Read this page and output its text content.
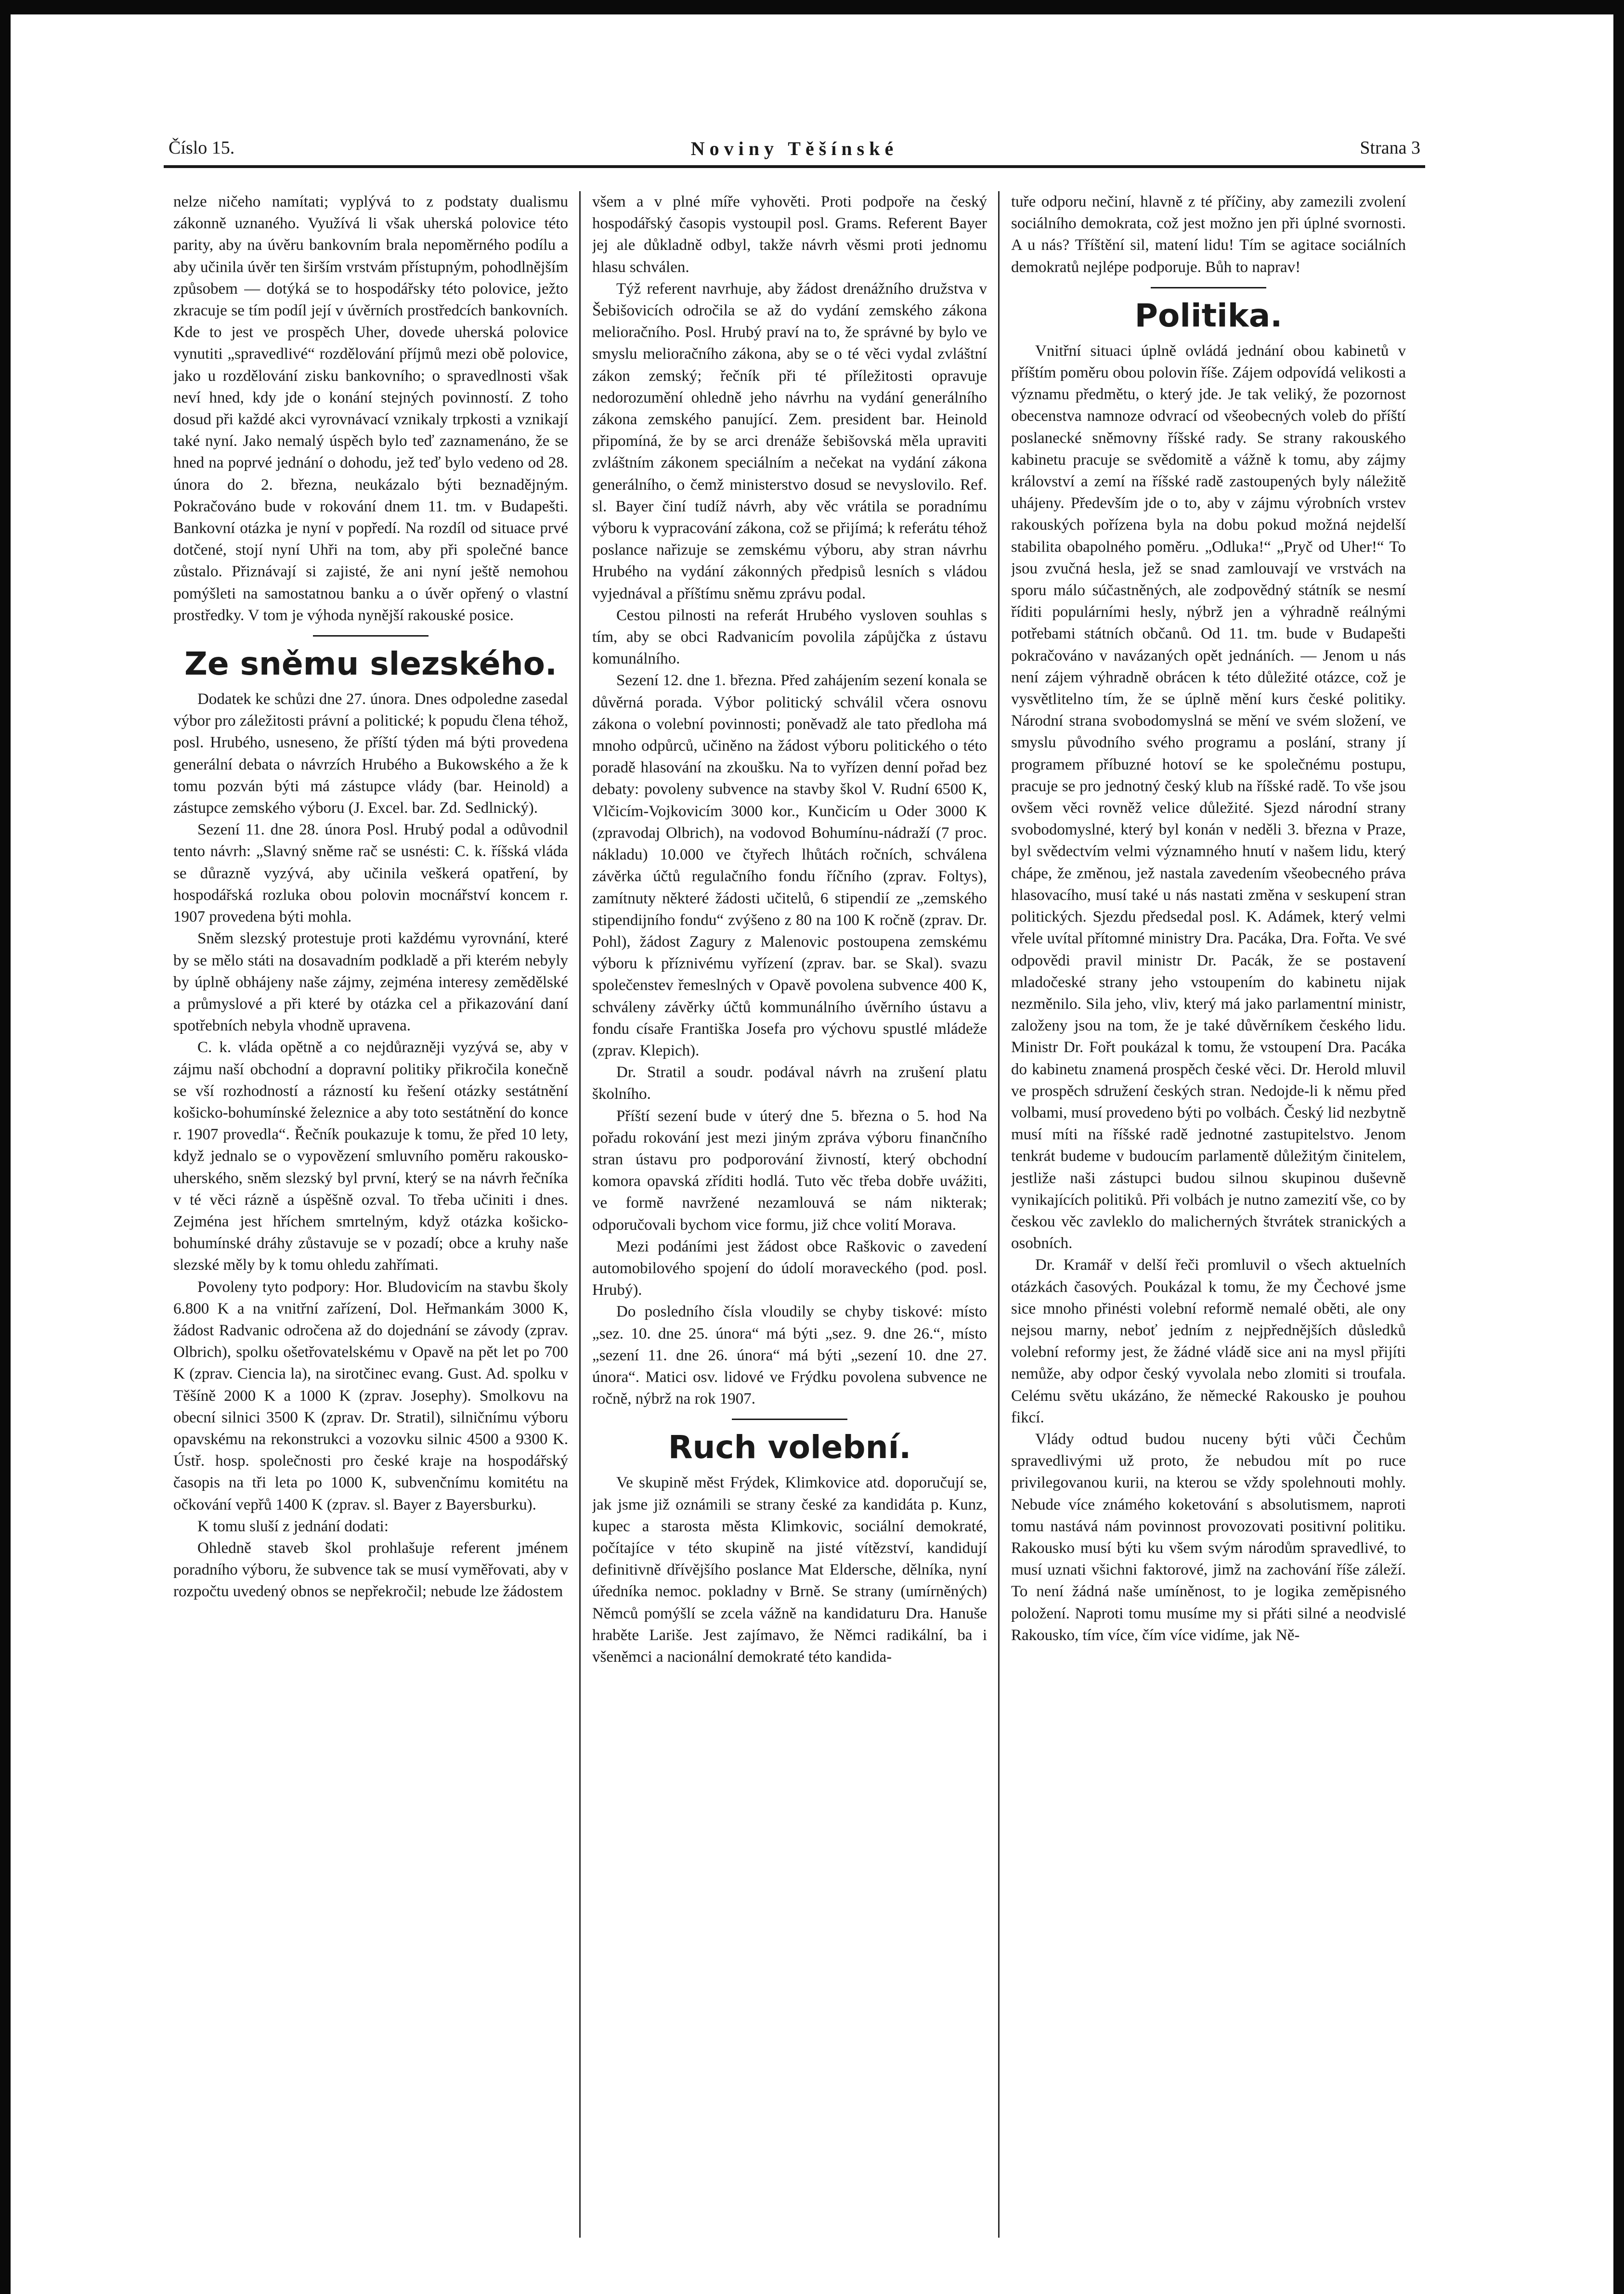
Číslo 15.	Noviny Těšínské	Strana 3

nelze ničeho namítati; vyplývá to z podstaty dualismu zákonně uznaného. Využívá li však uherská polovice této parity, aby na úvěru bankovním brala nepoměrného podílu a aby učinila úvěr ten širším vrstvám přístupným, pohodlnějším způsobem — dotýká se to hospodářsky této polovice, ježto zkracuje se tím podíl její v úvěrních prostředcích bankovních. Kde to jest ve prospěch Uher, dovede uherská polovice vynutiti „spravedlivé“ rozdělování příjmů mezi obě polovice, jako u rozdělování zisku bankovního; o spravedlnosti však neví hned, kdy jde o konání stejných povinností. Z toho dosud při každé akci vyrovnávací vznikaly trpkosti a vznikají také nyní. Jako nemalý úspěch bylo teď zaznamenáno, že se hned na poprvé jednání o dohodu, jež teď bylo vedeno od 28. února do 2. března, neukázalo býti beznadějným. Pokračováno bude v rokování dnem 11. tm. v Budapešti. Bankovní otázka je nyní v popředí. Na rozdíl od situace prvé dotčené, stojí nyní Uhři na tom, aby při společné bance zůstalo. Přiznávají si zajisté, že ani nyní ještě nemohou pomýšleti na samostatnou banku a o úvěr opřený o vlastní prostředky. V tom je výhoda nynější rakouské posice.

Ze sněmu slezského.

Dodatek ke schůzi dne 27. února. Dnes odpoledne zasedal výbor pro záležitosti právní a politické; k popudu člena téhož, posl. Hrubého, usneseno, že příští týden má býti provedena generální debata o návrzích Hrubého a Bukowského a že k tomu pozván býti má zástupce vlády (bar. Heinold) a zástupce zemského výboru (J. Excel. bar. Zd. Sedlnický).

Sezení 11. dne 28. února Posl. Hrubý podal a odůvodnil tento návrh: „Slavný sněme rač se usnésti: C. k. říšská vláda se důrazně vyzývá, aby učinila veškerá opatření, by hospodářská rozluka obou polovin mocnářství koncem r. 1907 provedena býti mohla.

Sněm slezský protestuje proti každému vyrovnání, které by se mělo státi na dosavadním podkladě a při kterém nebyly by úplně obhájeny naše zájmy, zejména interesy zemědělské a průmyslové a při které by otázka cel a přikazování daní spotřebních nebyla vhodně upravena.

C. k. vláda opětně a co nejdůrazněji vyzývá se, aby v zájmu naší obchodní a dopravní politiky přikročila konečně se vší rozhodností a rázností ku řešení otázky sestátnění košicko-bohumínské železnice a aby toto sestátnění do konce r. 1907 provedla“. Řečník poukazuje k tomu, že před 10 lety, když jednalo se o vypovězení smluvního poměru rakousko-uherského, sněm slezský byl první, který se na návrh řečníka v té věci rázně a úspěšně ozval. To třeba učiniti i dnes. Zejména jest hříchem smrtelným, když otázka košicko-bohumínské dráhy zůstavuje se v pozadí; obce a kruhy naše slezské měly by k tomu ohledu zahřímati.

Povoleny tyto podpory: Hor. Bludovicím na stavbu školy 6.800 K a na vnitřní zařízení, Dol. Heřmankám 3000 K, žádost Radvanic odročena až do dojednání se závody (zprav. Olbrich), spolku ošetřovatelskému v Opavě na pět let po 700 K (zprav. Ciencia la), na sirotčinec evang. Gust. Ad. spolku v Těšíně 2000 K a 1000 K (zprav. Josephy). Smolkovu na obecní silnici 3500 K (zprav. Dr. Stratil), silničnímu výboru opavskému na rekonstrukci a vozovku silnic 4500 a 9300 K. Ústř. hosp. společnosti pro české kraje na hospodářský časopis na tři leta po 1000 K, subvenčnímu komitétu na očkování vepřů 1400 K (zprav. sl. Bayer z Bayersburku).

K tomu sluší z jednání dodati:

Ohledně staveb škol prohlašuje referent jménem poradního výboru, že subvence tak se musí vyměřovati, aby v rozpočtu uvedený obnos se nepřekročil; nebude lze žádostem

všem a v plné míře vyhověti. Proti podpoře na český hospodářský časopis vystoupil posl. Grams. Referent Bayer jej ale důkladně odbyl, takže návrh věsmi proti jednomu hlasu schválen.

Týž referent navrhuje, aby žádost drenážního družstva v Šebišovicích odročila se až do vydání zemského zákona melioračního. Posl. Hrubý praví na to, že správné by bylo ve smyslu melioračního zákona, aby se o té věci vydal zvláštní zákon zemský; řečník při té příležitosti opravuje nedorozumění ohledně jeho návrhu na vydání generálního zákona zemského panující. Zem. president bar. Heinold připomíná, že by se arci drenáže šebišovská měla upraviti zvláštním zákonem speciálním a nečekat na vydání zákona generálního, o čemž ministerstvo dosud se nevyslovilo. Ref. sl. Bayer činí tudíž návrh, aby věc vrátila se poradnímu výboru k vypracování zákona, což se přijímá; k referátu téhož poslance nařizuje se zemskému výboru, aby stran návrhu Hrubého na vydání zákonných předpisů lesních s vládou vyjednával a příštímu sněmu zprávu podal.

Cestou pilnosti na referát Hrubého vysloven souhlas s tím, aby se obci Radvanicím povolila zápůjčka z ústavu komunálního.

Sezení 12. dne 1. března. Před zahájením sezení konala se důvěrná porada. Výbor politický schválil včera osnovu zákona o volební povinnosti; poněvadž ale tato předloha má mnoho odpůrců, učiněno na žádost výboru politického o této poradě hlasování na zkoušku. Na to vyřízen denní pořad bez debaty: povoleny subvence na stavby škol V. Rudní 6500 K, Vlčicím-Vojkovicím 3000 kor., Kunčicím u Oder 3000 K (zpravodaj Olbrich), na vodovod Bohumínu-nádraží (7 proc. nákladu) 10.000 ve čtyřech lhůtách ročních, schválena závěrka účtů regulačního fondu říčního (zprav. Foltys), zamítnuty některé žádosti učitelů, 6 stipendií ze „zemského stipendijního fondu“ zvýšeno z 80 na 100 K ročně (zprav. Dr. Pohl), žádost Zagury z Malenovic postoupena zemskému výboru k příznivému vyřízení (zprav. bar. se Skal). svazu společenstev řemeslných v Opavě povolena subvence 400 K, schváleny závěrky účtů kommunálního úvěrního ústavu a fondu císaře Františka Josefa pro výchovu spustlé mládeže (zprav. Klepich).

Dr. Stratil a soudr. podával návrh na zrušení platu školního.

Příští sezení bude v úterý dne 5. března o 5. hod Na pořadu rokování jest mezi jiným zpráva výboru finančního stran ústavu pro podporování živností, který obchodní komora opavská zříditi hodlá. Tuto věc třeba dobře uvážiti, ve formě navržené nezamlouvá se nám nikterak; odporučovali bychom vice formu, již chce volití Morava.

Mezi podáními jest žádost obce Raškovic o zavedení automobilového spojení do údolí moraveckého (pod. posl. Hrubý).

Do posledního čísla vloudily se chyby tiskové: místo „sez. 10. dne 25. února“ má býti „sez. 9. dne 26.“, místo „sezení 11. dne 26. února“ má býti „sezení 10. dne 27. února“. Matici osv. lidové ve Frýdku povolena subvence ne ročně, nýbrž na rok 1907.

Ruch volební.

Ve skupině měst Frýdek, Klimkovice atd. doporučují se, jak jsme již oznámili se strany české za kandidáta p. Kunz, kupec a starosta města Klimkovic, sociální demokraté, počítajíce v této skupině na jisté vítězství, kandidují definitivně dřívějšího poslance Mat Eldersche, dělníka, nyní úředníka nemoc. pokladny v Brně. Se strany (umírněných) Němců pomýšlí se zcela vážně na kandidaturu Dra. Hanuše hraběte Lariše. Jest zajímavo, že Němci radikální, ba i všeněmci a nacionální demokraté této kandida-

tuře odporu nečiní, hlavně z té příčiny, aby zamezili zvolení sociálního demokrata, což jest možno jen při úplné svornosti. A u nás? Tříštění sil, matení lidu! Tím se agitace sociálních demokratů nejlépe podporuje. Bůh to naprav!

Politika.

Vnitřní situaci úplně ovládá jednání obou kabinetů v příštím poměru obou polovin říše. Zájem odpovídá velikosti a významu předmětu, o který jde. Je tak veliký, že pozornost obecenstva namnoze odvrací od všeobecných voleb do příští poslanecké sněmovny říšské rady. Se strany rakouského kabinetu pracuje se svědomitě a vážně k tomu, aby zájmy království a zemí na říšské radě zastoupených byly náležitě uhájeny. Především jde o to, aby v zájmu výrobních vrstev rakouských pořízena byla na dobu pokud možná nejdelší stabilita obapolného poměru. „Odluka!“ „Pryč od Uher!“ To jsou zvučná hesla, jež se snad zamlouvají ve vrstvách na sporu málo súčastněných, ale zodpovědný státník se nesmí říditi populárními hesly, nýbrž jen a výhradně reálnými potřebami státních občanů. Od 11. tm. bude v Budapešti pokračováno v navázaných opět jednáních. — Jenom u nás není zájem výhradně obrácen k této důležité otázce, což je vysvětlitelno tím, že se úplně mění kurs české politiky. Národní strana svobodomyslná se mění ve svém složení, ve smyslu původního svého programu a poslání, strany jí programem příbuzné hotoví se ke společnému postupu, pracuje se pro jednotný český klub na říšské radě. To vše jsou ovšem věci rovněž velice důležité. Sjezd národní strany svobodomyslné, který byl konán v neděli 3. března v Praze, byl svědectvím velmi významného hnutí v našem lidu, který chápe, že změnou, jež nastala zavedením všeobecného práva hlasovacího, musí také u nás nastati změna v seskupení stran politických. Sjezdu předsedal posl. K. Adámek, který velmi vřele uvítal přítomné ministry Dra. Pacáka, Dra. Fořta. Ve své odpovědi pravil ministr Dr. Pacák, že se postavení mladočeské strany jeho vstoupením do kabinetu nijak nezměnilo. Sila jeho, vliv, který má jako parlamentní ministr, založeny jsou na tom, že je také důvěrníkem českého lidu. Ministr Dr. Fořt poukázal k tomu, že vstoupení Dra. Pacáka do kabinetu znamená prospěch české věci. Dr. Herold mluvil ve prospěch sdružení českých stran. Nedojde-li k němu před volbami, musí provedeno býti po volbách. Český lid nezbytně musí míti na říšské radě jednotné zastupitelstvo. Jenom tenkrát budeme v budoucím parlamentě důležitým činitelem, jestliže naši zástupci budou silnou skupinou duševně vynikajících politiků. Při volbách je nutno zamezití vše, co by českou věc zavleklo do malicherných štvrátek stranických a osobních.

Dr. Kramář v delší řeči promluvil o všech aktuelních otázkách časových. Poukázal k tomu, že my Čechové jsme sice mnoho přinésti volební reformě nemalé oběti, ale ony nejsou marny, neboť jedním z nejpřednějších důsledků volební reformy jest, že žádné vládě sice ani na mysl přijíti nemůže, aby odpor český vyvolala nebo zlomiti si troufala. Celému světu ukázáno, že německé Rakousko je pouhou fikcí.

Vlády odtud budou nuceny býti vůči Čechům spravedlivými už proto, že nebudou mít po ruce privilegovanou kurii, na kterou se vždy spolehnouti mohly. Nebude více známého koketování s absolutismem, naproti tomu nastává nám povinnost provozovati positivní politiku. Rakousko musí býti ku všem svým národům spravedlivé, to musí uznati všichni faktorové, jimž na zachování říše záleží. To není žádná naše umíněnost, to je logika zeměpisného položení. Naproti tomu musíme my si přáti silné a neodvislé Rakousko, tím více, čím více vidíme, jak Ně-
